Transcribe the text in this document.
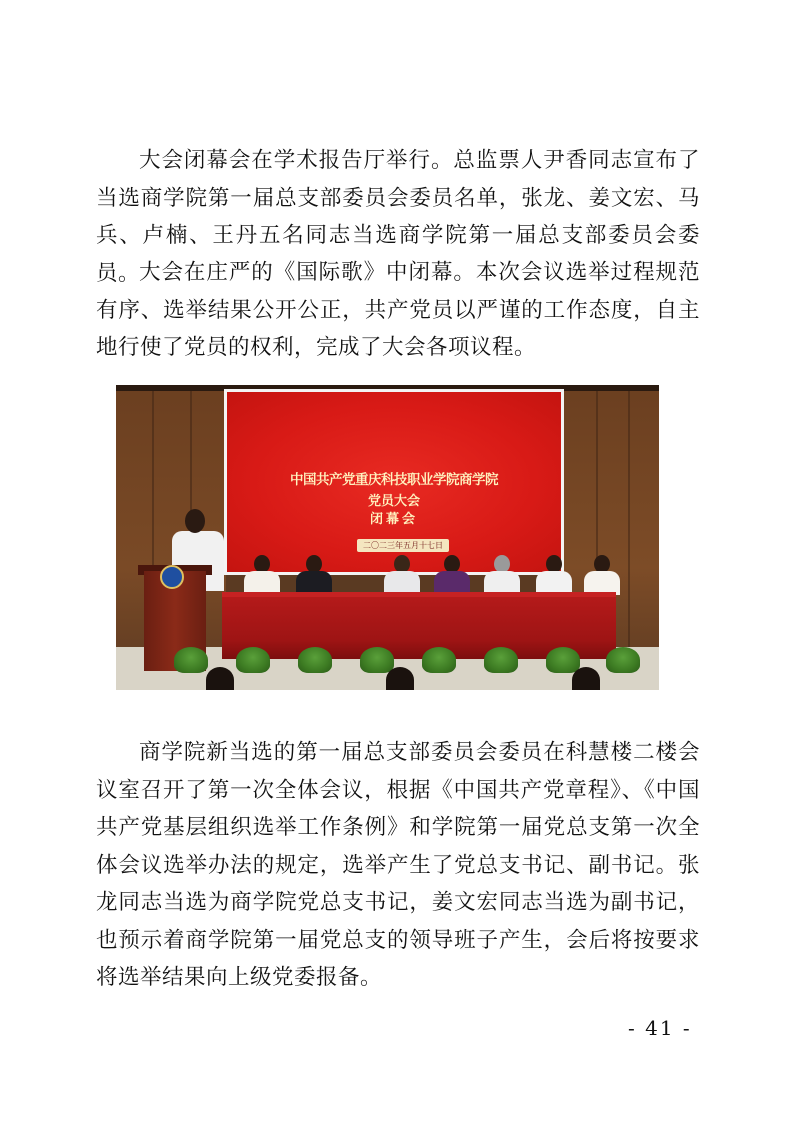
大会闭幕会在学术报告厅举行。总监票人尹香同志宣布了当选商学院第一届总支部委员会委员名单，张龙、姜文宏、马兵、卢楠、王丹五名同志当选商学院第一届总支部委员会委员。

大会在庄严的《国际歌》中闭幕。本次会议选举过程规范有序、选举结果公开公正，共产党员以严谨的工作态度，自主地行使了党员的权利，完成了大会各项议程。

中国共产党重庆科技职业学院商学院

党员大会

闭幕会

二〇二三年五月十七日

商学院新当选的第一届总支部委员会委员在科慧楼二楼会议室召开了第一次全体会议，根据《中国共产党章程》、《中国共产党基层组织选举工作条例》和学院第一届党总支第一次全体会议选举办法的规定，选举产生了党总支书记、副书记。张龙同志当选为商学院党总支书记，姜文宏同志当选为副书记，也预示着商学院第一届党总支的领导班子产生，会后将按要求将选举结果向上级党委报备。

- 41 -
